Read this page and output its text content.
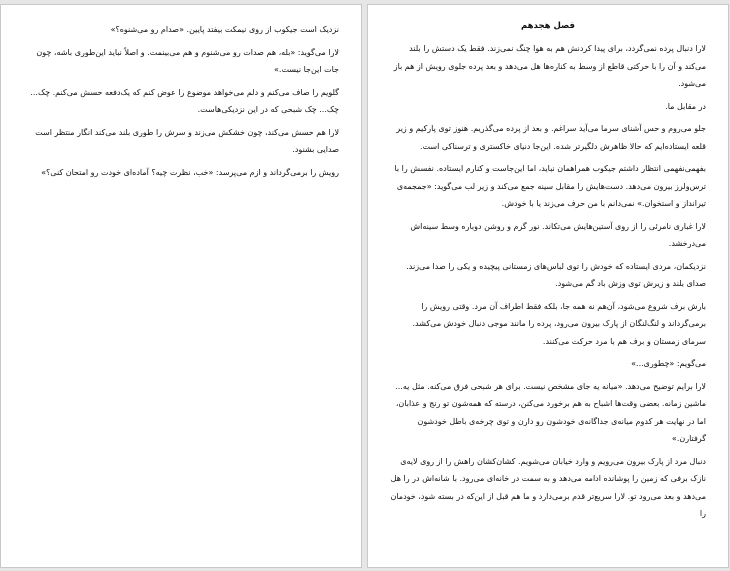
نزدیک است جیکوب از روی نیمکت بیفتد پایین. «صدام رو می‌شنوه؟»

لارا می‌گوید: «بله، هم صدات رو می‌شنوم و هم می‌بینمت. و اصلاً نباید این‌طوری باشه، چون جات این‌جا نیست.»

گلویم را صاف می‌کنم و دلم می‌خواهد موضوع را عوض کنم که یک‌دفعه حسش می‌کنم. چک... چک... چک شبحی که در این نزدیکی‌هاست.

لارا هم حسش می‌کند، چون خشکش می‌زند و سرش را طوری بلند می‌کند انگار منتظر است صدایی بشنود.

رویش را برمی‌گرداند و ازم می‌پرسد: «خب، نظرت چیه؟ آماده‌ای خودت رو امتحان کنی؟»

فصل هجدهم

لارا دنبال پرده نمی‌گردد، برای پیدا کردنش هم به هوا چنگ نمی‌زند. فقط یک دستش را بلند می‌کند و آن را با حرکتی قاطع از وسط به کناره‌ها هل می‌دهد و بعد پرده جلوی رویش از هم باز می‌شود.

در مقابل ما.

جلو می‌روم و حس آشنای سرما می‌آید سراغم. و بعد از پرده می‌گذریم. هنوز توی پارکیم و زیر قلعه ایستاده‌ایم که حالا ظاهرش دلگیرتر شده. این‌جا دنیای خاکستری و ترسناکی است.

بفهمی‌نفهمی انتظار داشتم جیکوب همراهمان نباید، اما این‌جاست و کنارم ایستاده. نفسش را با ترس‌ولرز بیرون می‌دهد. دست‌هایش را مقابل سینه جمع می‌کند و زیر لب می‌گوید: «جمجمه‌ی تیرانداز و استخوان.» نمی‌دانم با من حرف می‌زند یا با خودش.

لارا غباری نامرئی را از روی آستین‌هایش می‌تکاند. نور گرم و روشن دوباره وسط سینه‌اش می‌درخشد.

نزدیکمان، مردی ایستاده که خودش را توی لباس‌های زمستانی پیچیده و یکی را صدا می‌زند. صدای بلند و زیرش توی وزش باد گم می‌شود.

بارش برف شروع می‌شود، آن‌هم نه همه جا، بلکه فقط اطراف آن مرد. وقتی رویش را برمی‌گرداند و لنگ‌لنگان از پارک بیرون می‌رود، پرده را مانند موجی دنبال خودش می‌کشد. سرمای زمستان و برف هم با مرد حرکت می‌کنند.

می‌گویم: «چطوری...»

لارا برایم توضیح می‌دهد. «میانه یه جای مشخص نیست. برای هر شبحی فرق می‌کنه. مثل یه... ماشین زمانه. بعضی وقت‌ها اشباح به هم برخورد می‌کنن، درسته که همه‌شون تو رنج و عذابان، اما در نهایت هر کدوم میانه‌ی جداگانه‌ی خودشون رو دارن و توی چرخه‌ی باطل خودشون گرفتارن.»

دنبال مرد از پارک بیرون می‌رویم و وارد خیابان می‌شویم. کشان‌کشان راهش را از روی لایه‌ی نازک برفی که زمین را پوشانده ادامه می‌دهد و به سمت در خانه‌ای می‌رود. با شانه‌اش در را هل می‌دهد و بعد می‌رود تو. لارا سریع‌تر قدم برمی‌دارد و ما هم قبل از این‌که در بسته شود، خودمان را
